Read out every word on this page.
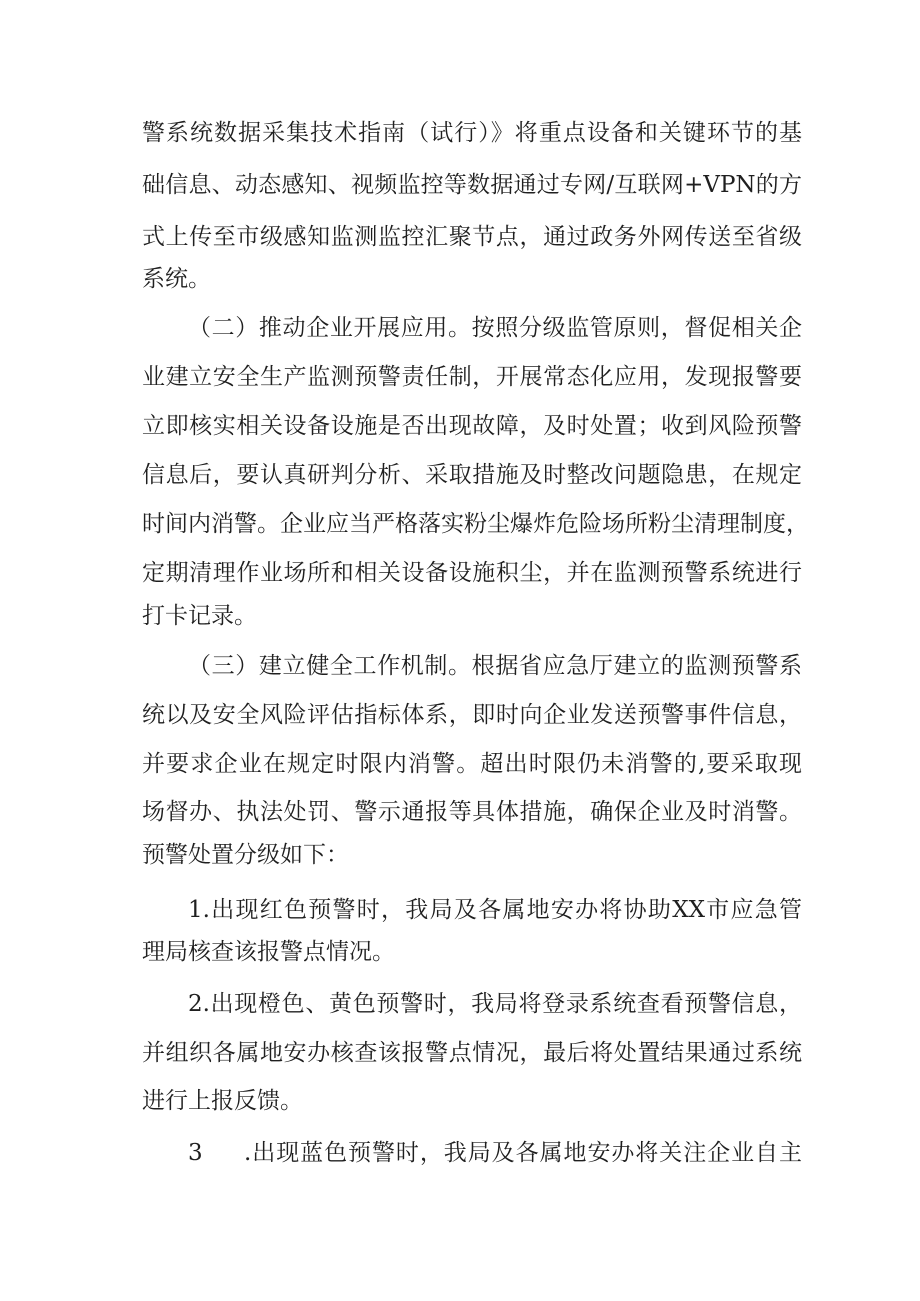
警系统数据采集技术指南（试行）》将重点设备和关键环节的基
础信息、动态感知、视频监控等数据通过专网/互联网+VPN的方
式上传至市级感知监测监控汇聚节点，通过政务外网传送至省级
系统。
（二）推动企业开展应用。按照分级监管原则，督促相关企
业建立安全生产监测预警责任制，开展常态化应用，发现报警要
立即核实相关设备设施是否出现故障，及时处置；收到风险预警
信息后，要认真研判分析、采取措施及时整改问题隐患，在规定
时间内消警。企业应当严格落实粉尘爆炸危险场所粉尘清理制度，
定期清理作业场所和相关设备设施积尘，并在监测预警系统进行
打卡记录。
（三）建立健全工作机制。根据省应急厅建立的监测预警系
统以及安全风险评估指标体系，即时向企业发送预警事件信息，
并要求企业在规定时限内消警。超出时限仍未消警的,要采取现
场督办、执法处罚、警示通报等具体措施，确保企业及时消警。
预警处置分级如下：
1.出现红色预警时，我局及各属地安办将协助XX市应急管
理局核查该报警点情况。
2.出现橙色、黄色预警时，我局将登录系统查看预警信息，
并组织各属地安办核查该报警点情况，最后将处置结果通过系统
进行上报反馈。
3 .出现蓝色预警时，我局及各属地安办将关注企业自主
